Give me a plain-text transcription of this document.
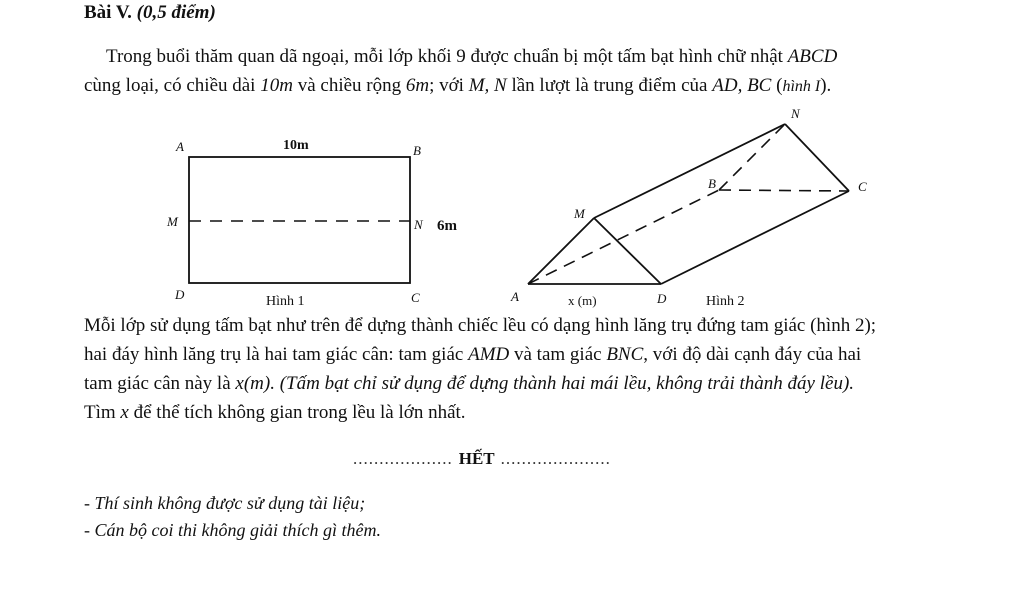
Bài V. (0,5 điểm)
Trong buổi thăm quan dã ngoại, mỗi lớp khối 9 được chuẩn bị một tấm bạt hình chữ nhật ABCD
cùng loại, có chiều dài 10m và chiều rộng 6m; với M, N lần lượt là trung điểm của AD, BC (hình I).
A	10m	B
M	N 6m
D	Hình 1	C
N
B	C
M
A	x (m)	D	Hình 2
Mỗi lớp sử dụng tấm bạt như trên để dựng thành chiếc lều có dạng hình lăng trụ đứng tam giác (hình 2);
hai đáy hình lăng trụ là hai tam giác cân: tam giác AMD và tam giác BNC, với độ dài cạnh đáy của hai
tam giác cân này là x(m). (Tấm bạt chỉ sử dụng để dựng thành hai mái lều, không trải thành đáy lều).
Tìm x để thể tích không gian trong lều là lớn nhất.
................... HẾT .....................
- Thí sinh không được sử dụng tài liệu;
- Cán bộ coi thi không giải thích gì thêm.
